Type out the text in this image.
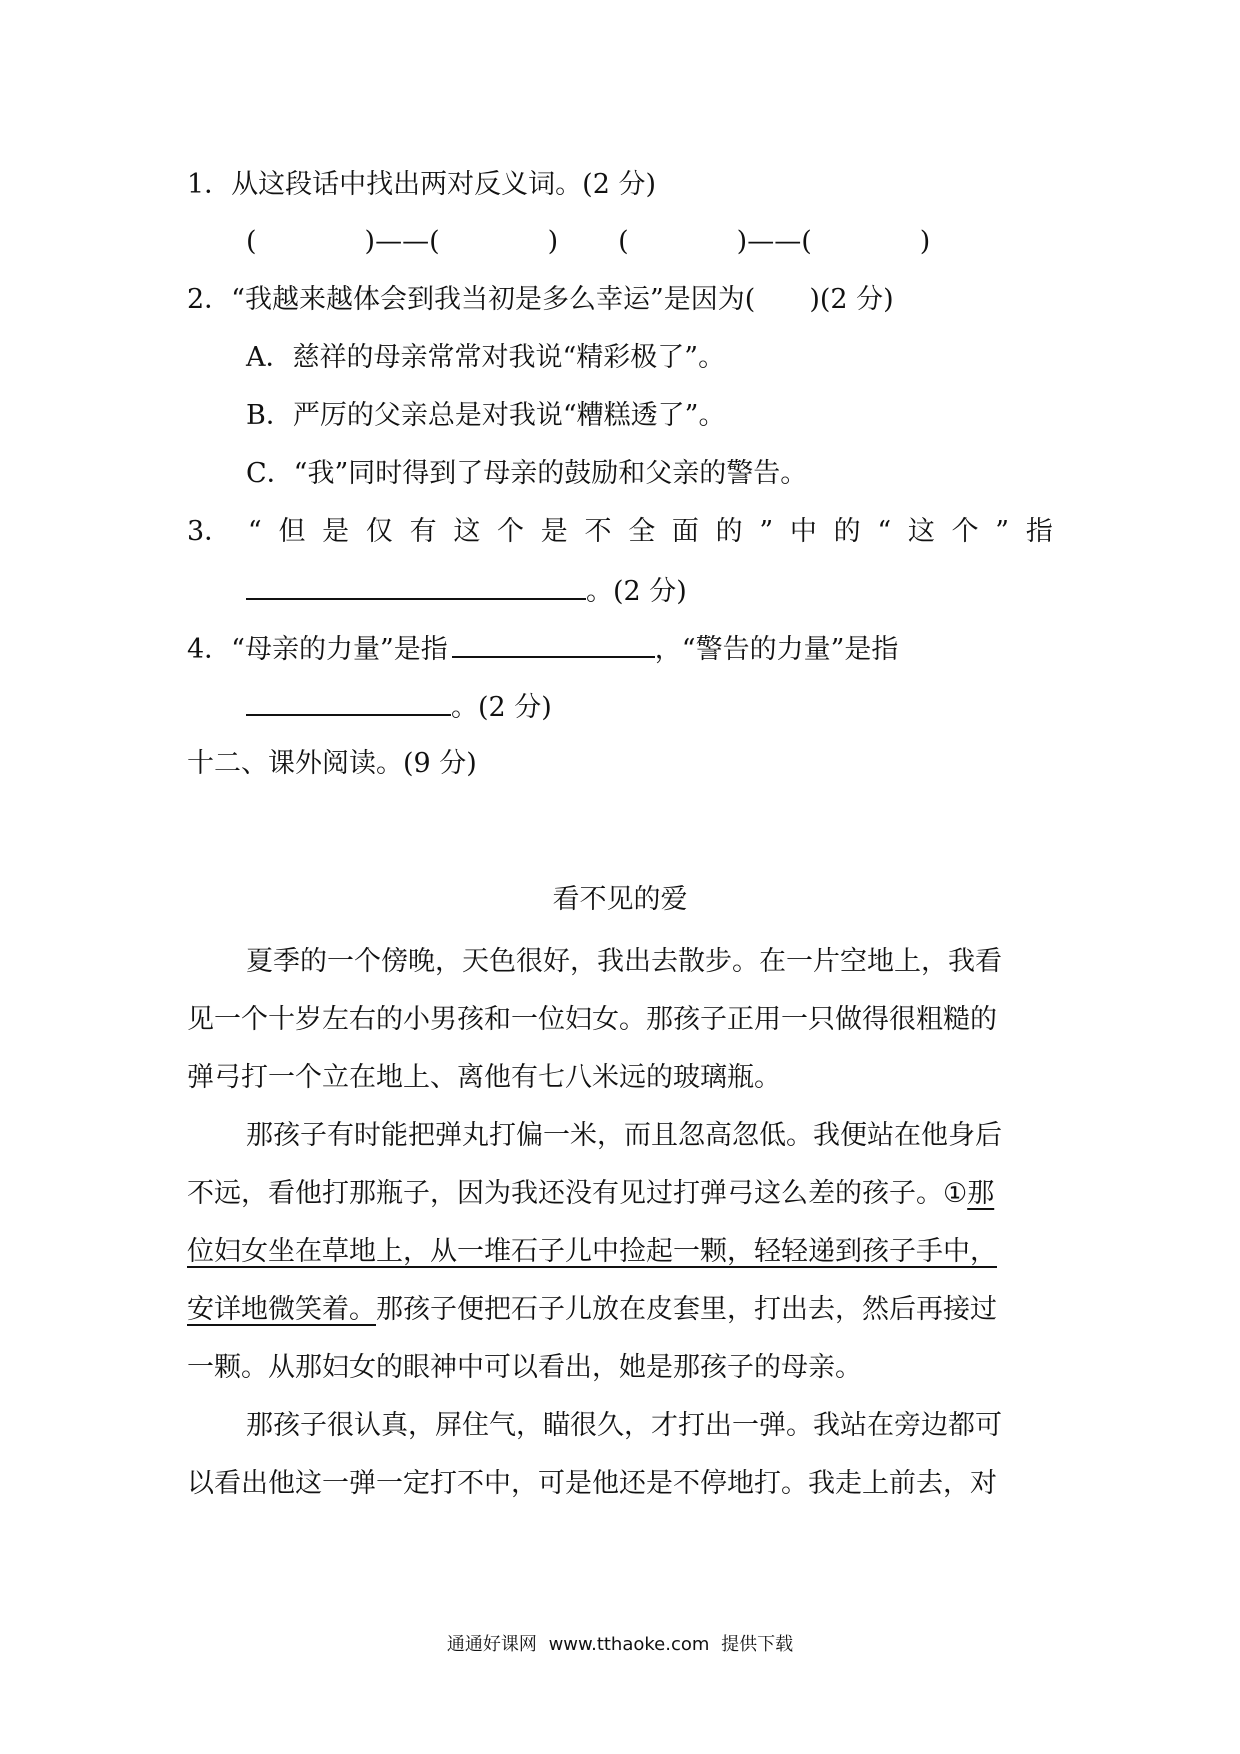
1．从这段话中找出两对反义词。(2 分)
(　　　　)——(　　　　) (　　　　)——(　　　　)
2．“我越来越体会到我当初是多么幸运”是因为(　　)(2 分)
A．慈祥的母亲常常对我说“精彩极了”。
B．严厉的父亲总是对我说“糟糕透了”。
C．“我”同时得到了母亲的鼓励和父亲的警告。
3． “ 但 是 仅 有 这 个 是 不 全 面 的 ” 中 的 “ 这 个 ” 指
。(2 分)
4．“母亲的力量”是指	，“警告的力量”是指
。(2 分)
十二、课外阅读。(9 分)
看不见的爱
夏季的一个傍晚，天色很好，我出去散步。在一片空地上，我看
见一个十岁左右的小男孩和一位妇女。那孩子正用一只做得很粗糙的
弹弓打一个立在地上、离他有七八米远的玻璃瓶。
那孩子有时能把弹丸打偏一米，而且忽高忽低。我便站在他身后
不远，看他打那瓶子，因为我还没有见过打弹弓这么差的孩子。①那
位妇女坐在草地上，从一堆石子儿中捡起一颗，轻轻递到孩子手中，
安详地微笑着。那孩子便把石子儿放在皮套里，打出去，然后再接过
一颗。从那妇女的眼神中可以看出，她是那孩子的母亲。
那孩子很认真，屏住气，瞄很久，才打出一弹。我站在旁边都可
以看出他这一弹一定打不中，可是他还是不停地打。我走上前去，对
通通好课网 www.tthaoke.com 提供下载
